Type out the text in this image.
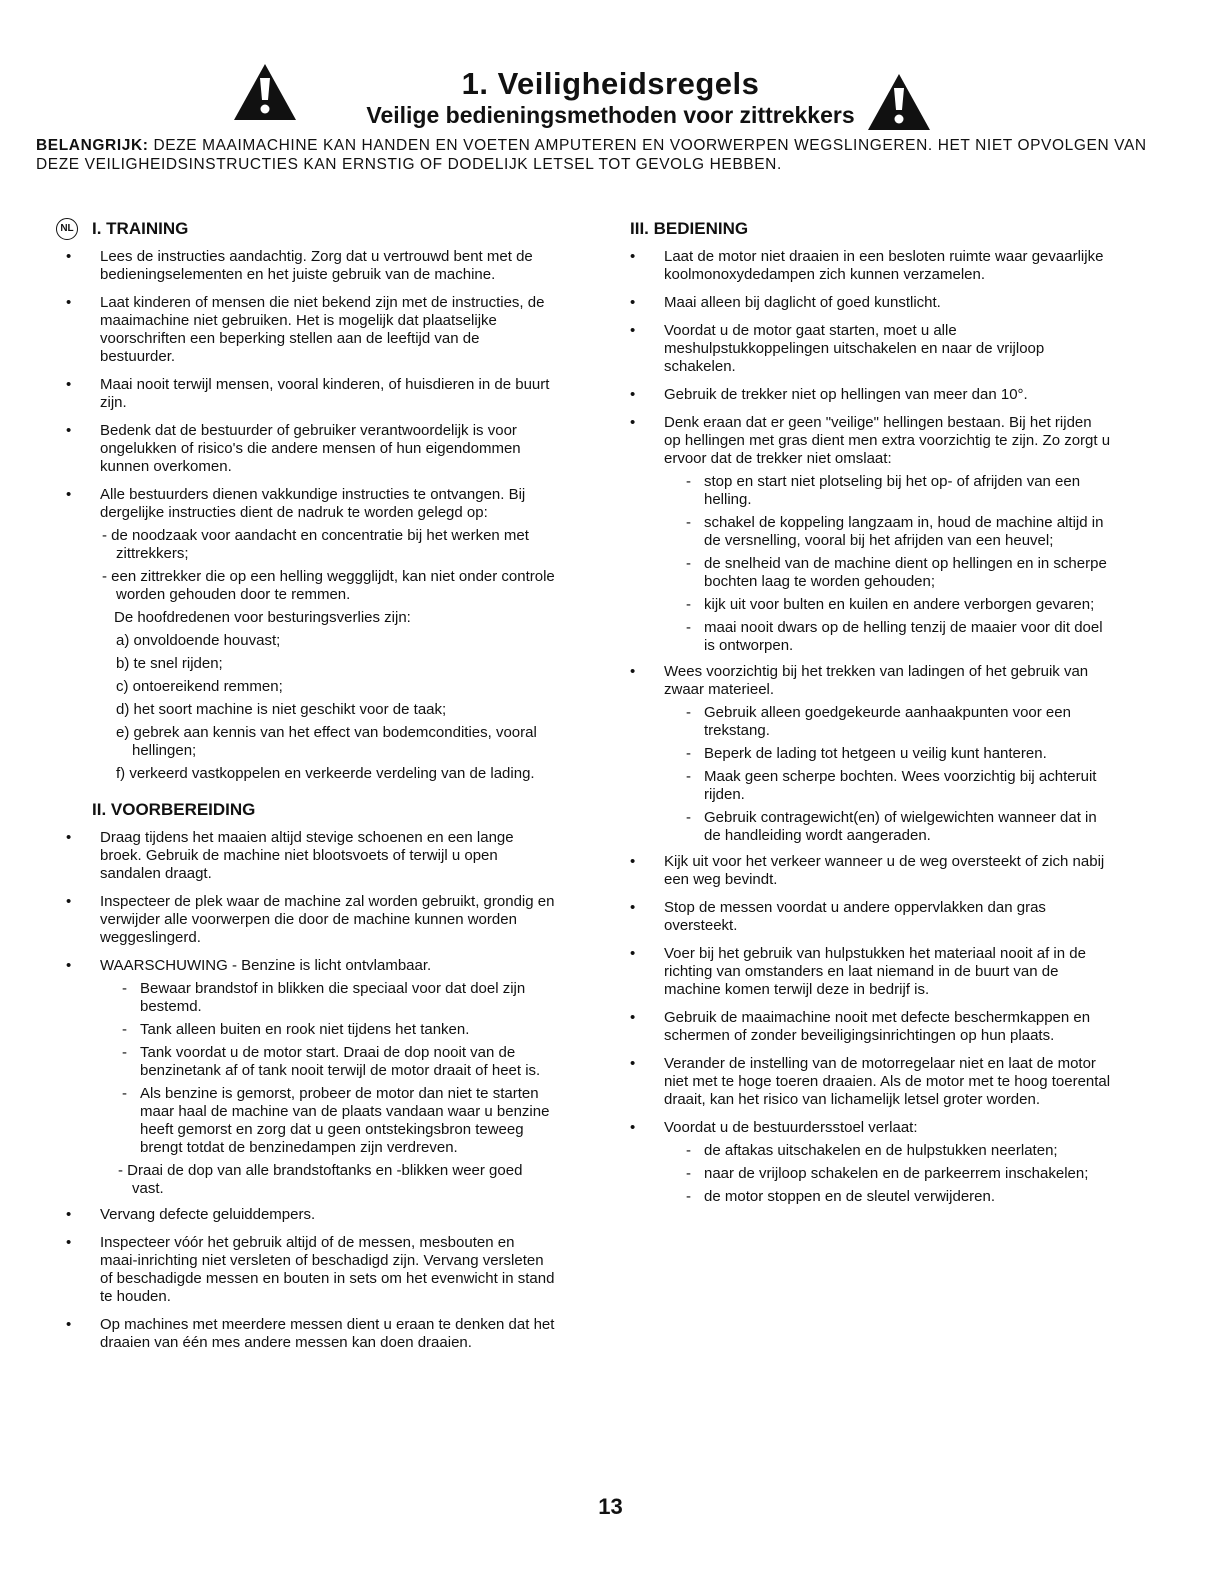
1. Veiligheidsregels
Veilige bedieningsmethoden voor zittrekkers
BELANGRIJK: DEZE MAAIMACHINE KAN HANDEN EN VOETEN AMPUTEREN EN VOORWERPEN WEGSLINGEREN. HET NIET OPVOLGEN VAN DEZE VEILIGHEIDSINSTRUCTIES KAN ERNSTIG OF DODELIJK LETSEL TOT GEVOLG HEBBEN.
NL I. TRAINING
• Lees de instructies aandachtig. Zorg dat u vertrouwd bent met de bedieningselementen en het juiste gebruik van de machine.
• Laat kinderen of mensen die niet bekend zijn met de instructies, de maaimachine niet gebruiken. Het is mogelijk dat plaatselijke voorschriften een beperking stellen aan de leeftijd van de bestuurder.
• Maai nooit terwijl mensen, vooral kinderen, of huisdieren in de buurt zijn.
• Bedenk dat de bestuurder of gebruiker verantwoordelijk is voor ongelukken of risico's die andere mensen of hun eigendommen kunnen overkomen.
• Alle bestuurders dienen vakkundige instructies te ontvangen. Bij dergelijke instructies dient de nadruk te worden gelegd op:
- de noodzaak voor aandacht en concentratie bij het werken met zittrekkers;
- een zittrekker die op een helling weggglijdt, kan niet onder controle worden gehouden door te remmen.
De hoofdredenen voor besturingsverlies zijn:
a) onvoldoende houvast;
b) te snel rijden;
c) ontoereikend remmen;
d) het soort machine is niet geschikt voor de taak;
e) gebrek aan kennis van het effect van bodemcondities, vooral hellingen;
f) verkeerd vastkoppelen en verkeerde verdeling van de lading.
II. VOORBEREIDING
• Draag tijdens het maaien altijd stevige schoenen en een lange broek. Gebruik de machine niet blootsvoets of terwijl u open sandalen draagt.
• Inspecteer de plek waar de machine zal worden gebruikt, grondig en verwijder alle voorwerpen die door de machine kunnen worden weggeslingerd.
• WAARSCHUWING - Benzine is licht ontvlambaar.
- Bewaar brandstof in blikken die speciaal voor dat doel zijn bestemd.
- Tank alleen buiten en rook niet tijdens het tanken.
- Tank voordat u de motor start. Draai de dop nooit van de benzinetank af of tank nooit terwijl de motor draait of heet is.
- Als benzine is gemorst, probeer de motor dan niet te starten maar haal de machine van de plaats vandaan waar u benzine heeft gemorst en zorg dat u geen ontstekingsbron teweeg brengt totdat de benzinedampen zijn verdreven.
- Draai de dop van alle brandstoftanks en -blikken weer goed vast.
• Vervang defecte geluiddempers.
• Inspecteer vóór het gebruik altijd of de messen, mesbouten en maai-inrichting niet versleten of beschadigd zijn. Vervang versleten of beschadigde messen en bouten in sets om het evenwicht in stand te houden.
• Op machines met meerdere messen dient u eraan te denken dat het draaien van één mes andere messen kan doen draaien.
III. BEDIENING
• Laat de motor niet draaien in een besloten ruimte waar gevaarlijke koolmonoxydedampen zich kunnen verzamelen.
• Maai alleen bij daglicht of goed kunstlicht.
• Voordat u de motor gaat starten, moet u alle meshulpstukkoppelingen uitschakelen en naar de vrijloop schakelen.
• Gebruik de trekker niet op hellingen van meer dan 10°.
• Denk eraan dat er geen "veilige" hellingen bestaan. Bij het rijden op hellingen met gras dient men extra voorzichtig te zijn. Zo zorgt u ervoor dat de trekker niet omslaat:
- stop en start niet plotseling bij het op- of afrijden van een helling.
- schakel de koppeling langzaam in, houd de machine altijd in de versnelling, vooral bij het afrijden van een heuvel;
- de snelheid van de machine dient op hellingen en in scherpe bochten laag te worden gehouden;
- kijk uit voor bulten en kuilen en andere verborgen gevaren;
- maai nooit dwars op de helling tenzij de maaier voor dit doel is ontworpen.
• Wees voorzichtig bij het trekken van ladingen of het gebruik van zwaar materieel.
- Gebruik alleen goedgekeurde aanhaakpunten voor een trekstang.
- Beperk de lading tot hetgeen u veilig kunt hanteren.
- Maak geen scherpe bochten. Wees voorzichtig bij achteruit rijden.
- Gebruik contragewicht(en) of wielgewichten wanneer dat in de handleiding wordt aangeraden.
• Kijk uit voor het verkeer wanneer u de weg oversteekt of zich nabij een weg bevindt.
• Stop de messen voordat u andere oppervlakken dan gras oversteekt.
• Voer bij het gebruik van hulpstukken het materiaal nooit af in de richting van omstanders en laat niemand in de buurt van de machine komen terwijl deze in bedrijf is.
• Gebruik de maaimachine nooit met defecte beschermkappen en schermen of zonder beveiligingsinrichtingen op hun plaats.
• Verander de instelling van de motorregelaar niet en laat de motor niet met te hoge toeren draaien. Als de motor met te hoog toerental draait, kan het risico van lichamelijk letsel groter worden.
• Voordat u de bestuurdersstoel verlaat:
- de aftakas uitschakelen en de hulpstukken neerlaten;
- naar de vrijloop schakelen en de parkeerrem inschakelen;
- de motor stoppen en de sleutel verwijderen.
13
